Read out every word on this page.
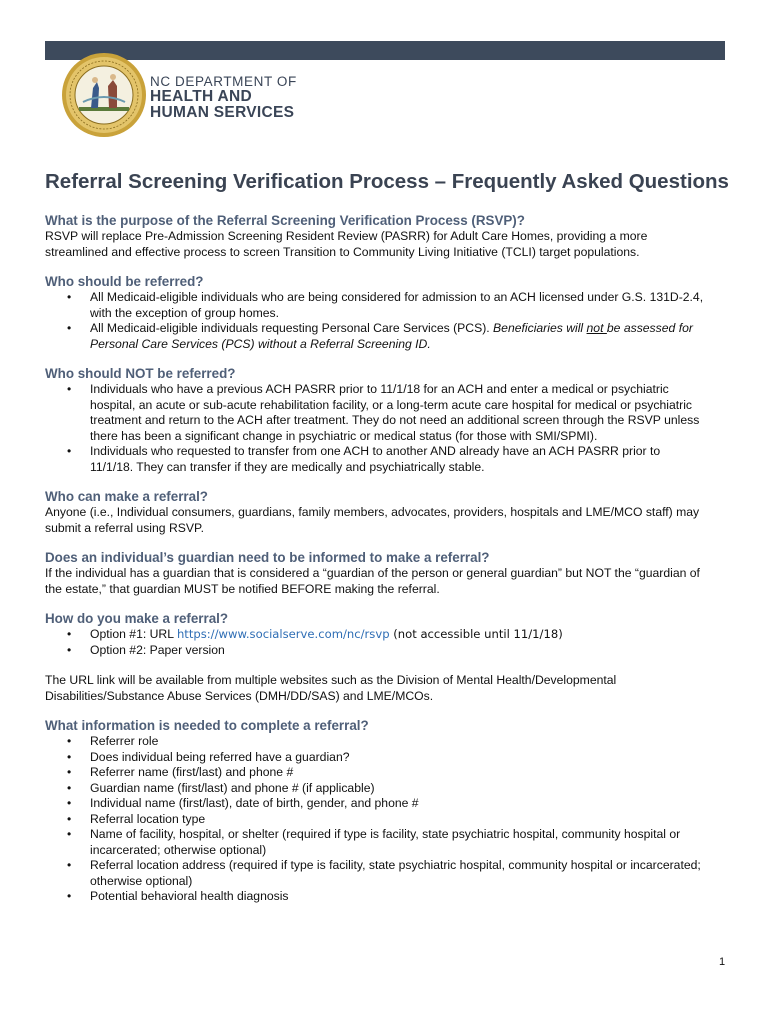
NC DEPARTMENT OF
HEALTH AND
HUMAN SERVICES
Referral Screening Verification Process – Frequently Asked Questions
What is the purpose of the Referral Screening Verification Process (RSVP)?
RSVP will replace Pre-Admission Screening Resident Review (PASRR) for Adult Care Homes, providing a more
streamlined and effective process to screen Transition to Community Living Initiative (TCLI) target populations.
Who should be referred?
• All Medicaid-eligible individuals who are being considered for admission to an ACH licensed under G.S. 131D-2.4,
with the exception of group homes.
• All Medicaid-eligible individuals requesting Personal Care Services (PCS). Beneficiaries will not be assessed for
Personal Care Services (PCS) without a Referral Screening ID.
Who should NOT be referred?
• Individuals who have a previous ACH PASRR prior to 11/1/18 for an ACH and enter a medical or psychiatric
hospital, an acute or sub-acute rehabilitation facility, or a long-term acute care hospital for medical or psychiatric
treatment and return to the ACH after treatment. They do not need an additional screen through the RSVP unless
there has been a significant change in psychiatric or medical status (for those with SMI/SPMI).
• Individuals who requested to transfer from one ACH to another AND already have an ACH PASRR prior to
11/1/18. They can transfer if they are medically and psychiatrically stable.
Who can make a referral?
Anyone (i.e., Individual consumers, guardians, family members, advocates, providers, hospitals and LME/MCO staff) may
submit a referral using RSVP.
Does an individual’s guardian need to be informed to make a referral?
If the individual has a guardian that is considered a “guardian of the person or general guardian” but NOT the “guardian of
the estate,” that guardian MUST be notified BEFORE making the referral.
How do you make a referral?
• Option #1: URL https://www.socialserve.com/nc/rsvp (not accessible until 11/1/18)
• Option #2: Paper version
The URL link will be available from multiple websites such as the Division of Mental Health/Developmental
Disabilities/Substance Abuse Services (DMH/DD/SAS) and LME/MCOs.
What information is needed to complete a referral?
• Referrer role
• Does individual being referred have a guardian?
• Referrer name (first/last) and phone #
• Guardian name (first/last) and phone # (if applicable)
• Individual name (first/last), date of birth, gender, and phone #
• Referral location type
• Name of facility, hospital, or shelter (required if type is facility, state psychiatric hospital, community hospital or
incarcerated; otherwise optional)
• Referral location address (required if type is facility, state psychiatric hospital, community hospital or incarcerated;
otherwise optional)
• Potential behavioral health diagnosis
1
